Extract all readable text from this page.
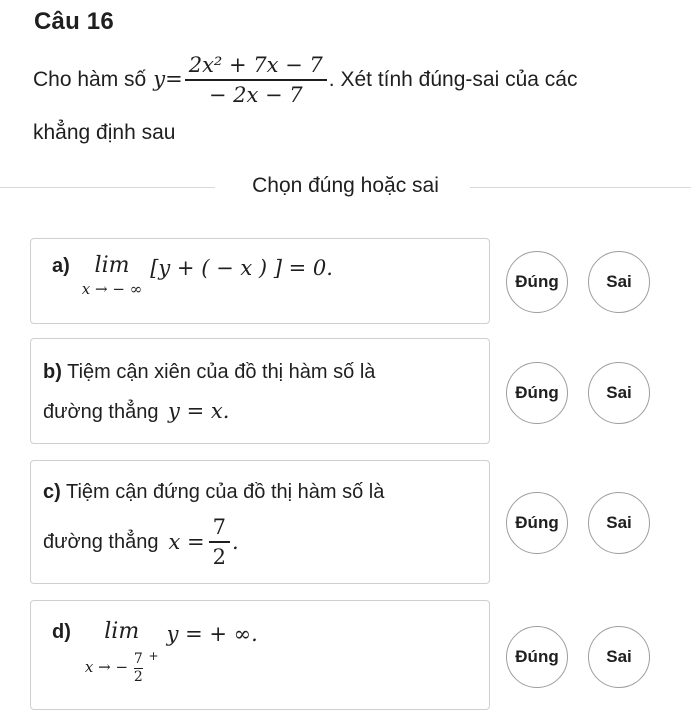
Câu 16
Cho hàm số $y= \frac{\text{2x² + 7x − 7}}{- 2x - 7}$ . Xét tính đúng-sai của các
khẳng định sau
Chọn đúng hoặc sai
a) lim
x → − ∞
[y + ( − x ) ] = 0.
Đúng	Sai
b) Tiệm cận xiên của đồ thị hàm số là
đường thẳng y = x.
Đúng	Sai
c) Tiệm cận đứng của đồ thị hàm số là
đường thẳng $x = \frac{7}{2}$ .
Đúng	Sai
d) lim
x → − $\frac{7}{2} ^+$
y = + ∞.
Đúng	Sai
